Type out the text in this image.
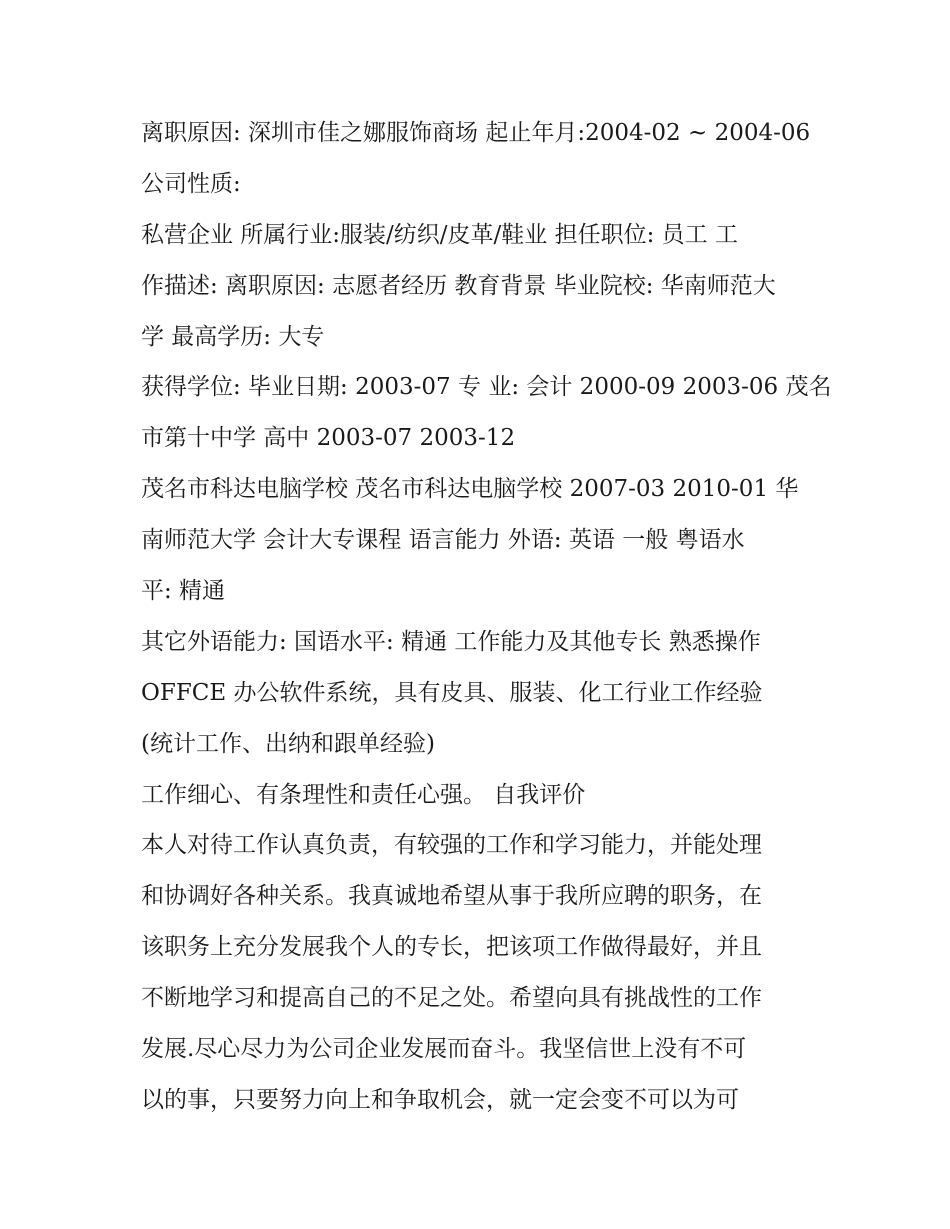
离职原因: 深圳市佳之娜服饰商场 起止年月:2004-02 ~ 2004-06
公司性质:
私营企业 所属行业:服装/纺织/皮革/鞋业 担任职位: 员工 工
作描述: 离职原因: 志愿者经历 教育背景 毕业院校: 华南师范大
学 最高学历: 大专
获得学位: 毕业日期: 2003-07 专 业: 会计 2000-09 2003-06 茂名
市第十中学 高中 2003-07 2003-12
茂名市科达电脑学校 茂名市科达电脑学校 2007-03 2010-01 华
南师范大学 会计大专课程 语言能力 外语: 英语 一般 粤语水
平: 精通
其它外语能力: 国语水平: 精通 工作能力及其他专长 熟悉操作
OFFCE 办公软件系统，具有皮具、服装、化工行业工作经验
(统计工作、出纳和跟单经验)
工作细心、有条理性和责任心强。 自我评价
本人对待工作认真负责，有较强的工作和学习能力，并能处理
和协调好各种关系。我真诚地希望从事于我所应聘的职务，在
该职务上充分发展我个人的专长，把该项工作做得最好，并且
不断地学习和提高自己的不足之处。希望向具有挑战性的工作
发展.尽心尽力为公司企业发展而奋斗。我坚信世上没有不可
以的事，只要努力向上和争取机会，就一定会变不可以为可
